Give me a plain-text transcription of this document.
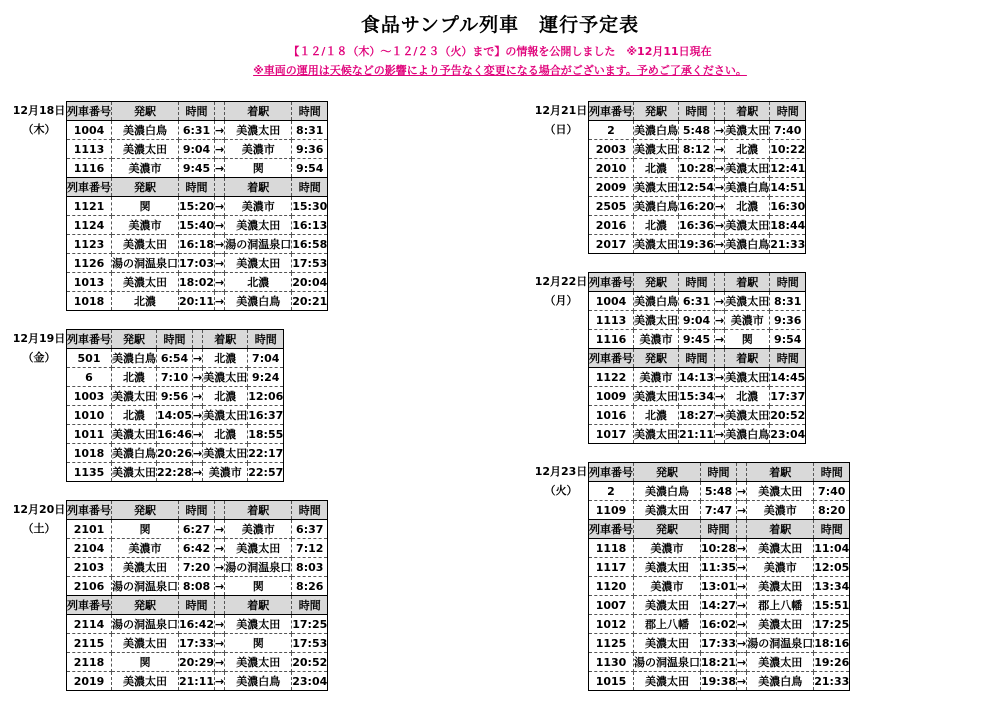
食品サンプル列車　運行予定表
【１２/１８（木）～１２/２３（火）まで】の情報を公開しました　※12月11日現在
※車両の運用は天候などの影響により予告なく変更になる場合がございます。予めご了承ください。
12月18日
（木）
列車番号	発駅	時間		着駅	時間
1004	美濃白鳥	6:31	→	美濃太田	8:31
1113	美濃太田	9:04	→	美濃市	9:36
1116	美濃市	9:45	→	関	9:54
列車番号	発駅	時間		着駅	時間
1121	関	15:20	→	美濃市	15:30
1124	美濃市	15:40	→	美濃太田	16:13
1123	美濃太田	16:18	→	湯の洞温泉口	16:58
1126	湯の洞温泉口	17:03	→	美濃太田	17:53
1013	美濃太田	18:02	→	北濃	20:04
1018	北濃	20:11	→	美濃白鳥	20:21
12月19日
（金）
列車番号	発駅	時間		着駅	時間
501	美濃白鳥	6:54	→	北濃	7:04
6	北濃	7:10	→	美濃太田	9:24
1003	美濃太田	9:56	→	北濃	12:06
1010	北濃	14:05	→	美濃太田	16:37
1011	美濃太田	16:46	→	北濃	18:55
1018	美濃白鳥	20:26	→	美濃太田	22:17
1135	美濃太田	22:28	→	美濃市	22:57
12月20日
（土）
列車番号	発駅	時間		着駅	時間
2101	関	6:27	→	美濃市	6:37
2104	美濃市	6:42	→	美濃太田	7:12
2103	美濃太田	7:20	→	湯の洞温泉口	8:03
2106	湯の洞温泉口	8:08	→	関	8:26
列車番号	発駅	時間		着駅	時間
2114	湯の洞温泉口	16:42	→	美濃太田	17:25
2115	美濃太田	17:33	→	関	17:53
2118	関	20:29	→	美濃太田	20:52
2019	美濃太田	21:11	→	美濃白鳥	23:04
12月21日
（日）
列車番号	発駅	時間		着駅	時間
2	美濃白鳥	5:48	→	美濃太田	7:40
2003	美濃太田	8:12	→	北濃	10:22
2010	北濃	10:28	→	美濃太田	12:41
2009	美濃太田	12:54	→	美濃白鳥	14:51
2505	美濃白鳥	16:20	→	北濃	16:30
2016	北濃	16:36	→	美濃太田	18:44
2017	美濃太田	19:36	→	美濃白鳥	21:33
12月22日
（月）
列車番号	発駅	時間		着駅	時間
1004	美濃白鳥	6:31	→	美濃太田	8:31
1113	美濃太田	9:04	→	美濃市	9:36
1116	美濃市	9:45	→	関	9:54
列車番号	発駅	時間		着駅	時間
1122	美濃市	14:13	→	美濃太田	14:45
1009	美濃太田	15:34	→	北濃	17:37
1016	北濃	18:27	→	美濃太田	20:52
1017	美濃太田	21:11	→	美濃白鳥	23:04
12月23日
（火）
列車番号	発駅	時間		着駅	時間
2	美濃白鳥	5:48	→	美濃太田	7:40
1109	美濃太田	7:47	→	美濃市	8:20
列車番号	発駅	時間		着駅	時間
1118	美濃市	10:28	→	美濃太田	11:04
1117	美濃太田	11:35	→	美濃市	12:05
1120	美濃市	13:01	→	美濃太田	13:34
1007	美濃太田	14:27	→	郡上八幡	15:51
1012	郡上八幡	16:02	→	美濃太田	17:25
1125	美濃太田	17:33	→	湯の洞温泉口	18:16
1130	湯の洞温泉口	18:21	→	美濃太田	19:26
1015	美濃太田	19:38	→	美濃白鳥	21:33
